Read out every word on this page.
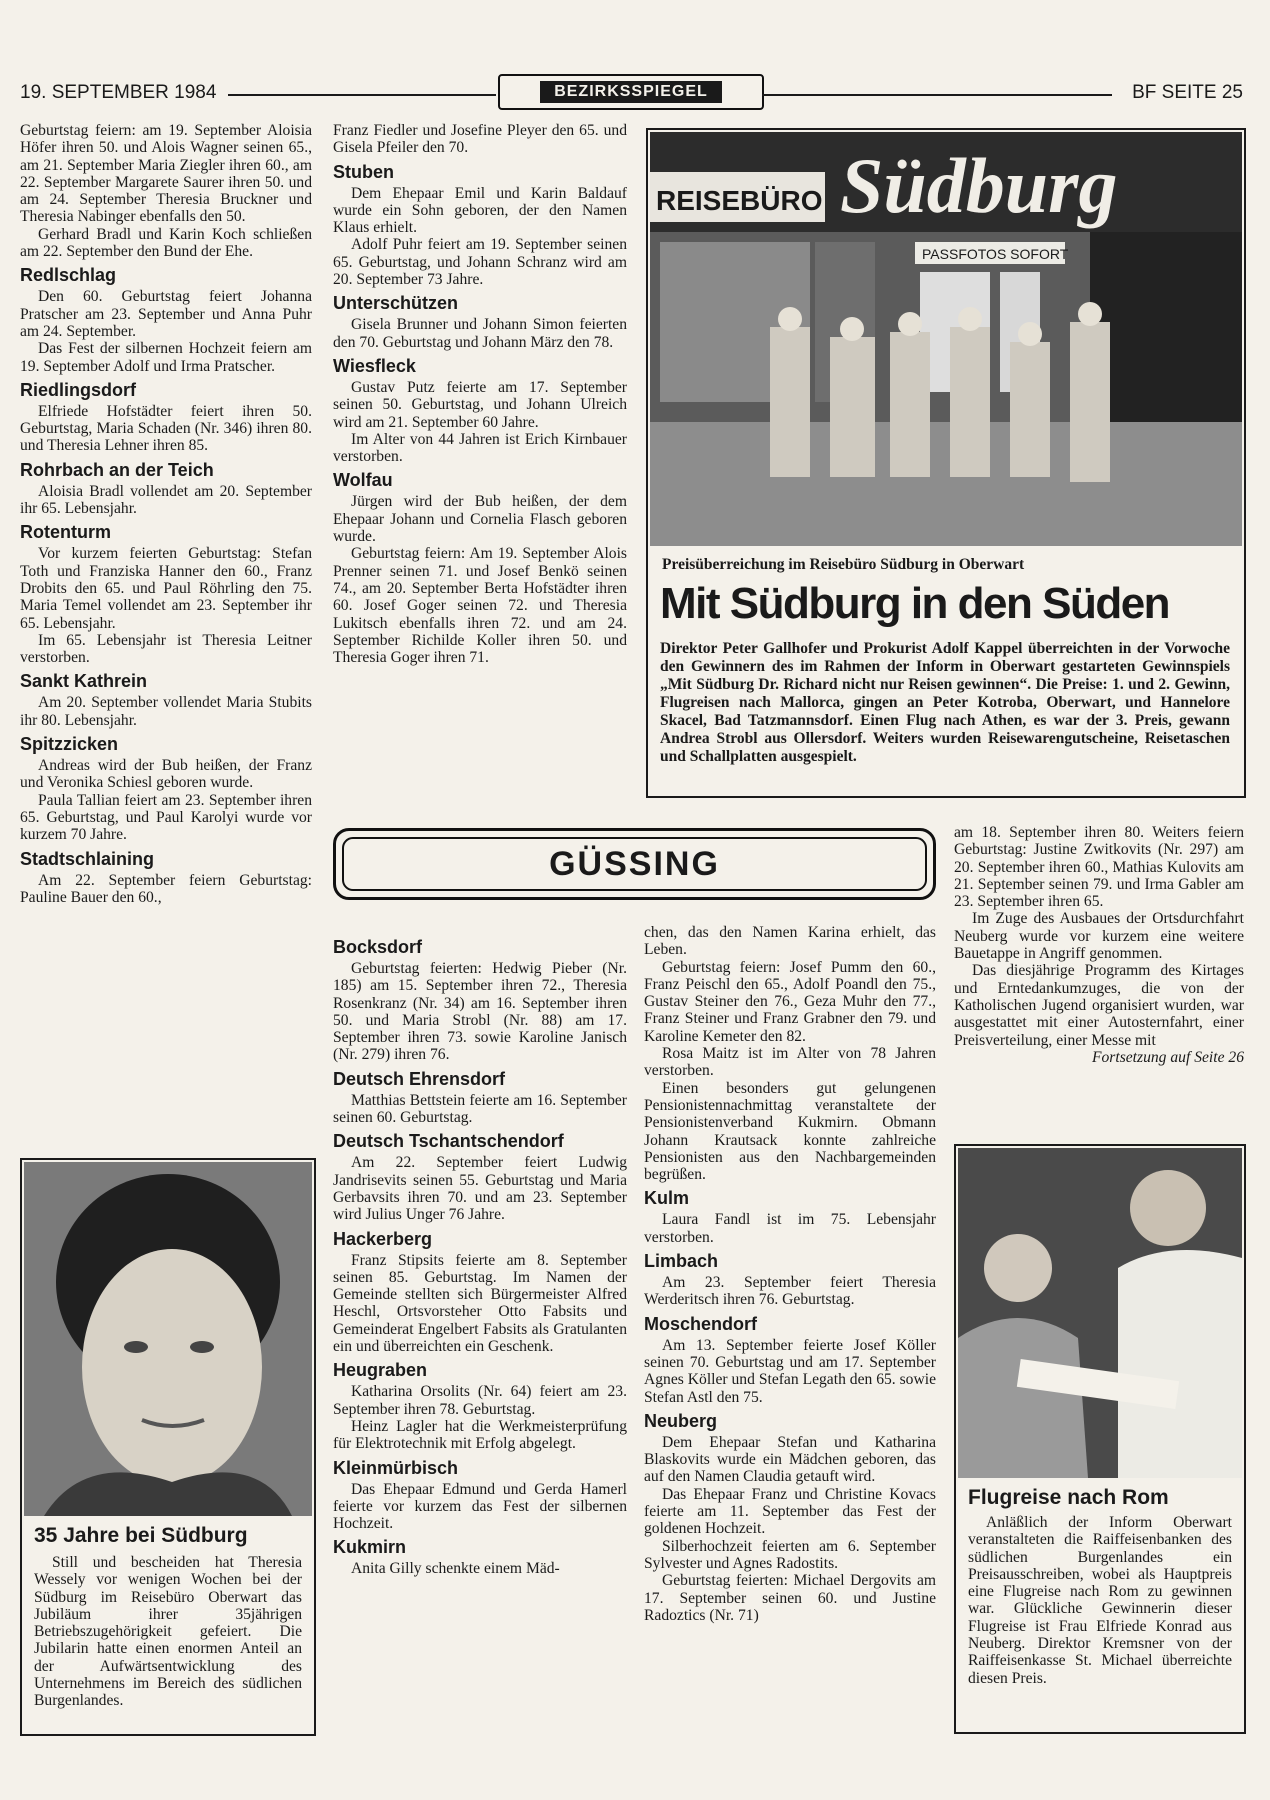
19. SEPTEMBER 1984	BEZIRKSSPIEGEL	BF SEITE 25

Geburtstag feiern: am 19. September Aloisia Höfer ihren 50. und Alois Wagner seinen 65., am 21. September Maria Ziegler ihren 60., am 22. September Margarete Saurer ihren 50. und am 24. September Theresia Bruckner und Theresia Nabinger ebenfalls den 50.

Gerhard Bradl und Karin Koch schließen am 22. September den Bund der Ehe.

Redlschlag

Den 60. Geburtstag feiert Johanna Pratscher am 23. September und Anna Puhr am 24. September.

Das Fest der silbernen Hochzeit feiern am 19. September Adolf und Irma Pratscher.

Riedlingsdorf

Elfriede Hofstädter feiert ihren 50. Geburtstag, Maria Schaden (Nr. 346) ihren 80. und Theresia Lehner ihren 85.

Rohrbach an der Teich

Aloisia Bradl vollendet am 20. September ihr 65. Lebensjahr.

Rotenturm

Vor kurzem feierten Geburtstag: Stefan Toth und Franziska Hanner den 60., Franz Drobits den 65. und Paul Röhrling den 75. Maria Temel vollendet am 23. September ihr 65. Lebensjahr.

Im 65. Lebensjahr ist Theresia Leitner verstorben.

Sankt Kathrein

Am 20. September vollendet Maria Stubits ihr 80. Lebensjahr.

Spitzzicken

Andreas wird der Bub heißen, der Franz und Veronika Schiesl geboren wurde.

Paula Tallian feiert am 23. September ihren 65. Geburtstag, und Paul Karolyi wurde vor kurzem 70 Jahre.

Stadtschlaining

Am 22. September feiern Geburtstag: Pauline Bauer den 60.,

Franz Fiedler und Josefine Pleyer den 65. und Gisela Pfeiler den 70.

Stuben

Dem Ehepaar Emil und Karin Baldauf wurde ein Sohn geboren, der den Namen Klaus erhielt.

Adolf Puhr feiert am 19. September seinen 65. Geburtstag, und Johann Schranz wird am 20. September 73 Jahre.

Unterschützen

Gisela Brunner und Johann Simon feierten den 70. Geburtstag und Johann März den 78.

Wiesfleck

Gustav Putz feierte am 17. September seinen 50. Geburtstag, und Johann Ulreich wird am 21. September 60 Jahre.

Im Alter von 44 Jahren ist Erich Kirnbauer verstorben.

Wolfau

Jürgen wird der Bub heißen, der dem Ehepaar Johann und Cornelia Flasch geboren wurde.

Geburtstag feiern: Am 19. September Alois Prenner seinen 71. und Josef Benkö seinen 74., am 20. September Berta Hofstädter ihren 60. Josef Goger seinen 72. und Theresia Lukitsch ebenfalls ihren 72. und am 24. September Richilde Koller ihren 50. und Theresia Goger ihren 71.

REISEBÜRO Südburg
PASSFOTOS SOFORT
Preisüberreichung im Reisebüro Südburg in Oberwart
Mit Südburg in den Süden
Direktor Peter Gallhofer und Prokurist Adolf Kappel überreichten in der Vorwoche den Gewinnern des im Rahmen der Inform in Oberwart gestarteten Gewinnspiels „Mit Südburg Dr. Richard nicht nur Reisen gewinnen“. Die Preise: 1. und 2. Gewinn, Flugreisen nach Mallorca, gingen an Peter Kotroba, Oberwart, und Hannelore Skacel, Bad Tatzmannsdorf. Einen Flug nach Athen, es war der 3. Preis, gewann Andrea Strobl aus Ollersdorf. Weiters wurden Reisewarengutscheine, Reisetaschen und Schallplatten ausgespielt.
GÜSSING
Bocksdorf

Geburtstag feierten: Hedwig Pieber (Nr. 185) am 15. September ihren 72., Theresia Rosenkranz (Nr. 34) am 16. September ihren 50. und Maria Strobl (Nr. 88) am 17. September ihren 73. sowie Karoline Janisch (Nr. 279) ihren 76.

Deutsch Ehrensdorf

Matthias Bettstein feierte am 16. September seinen 60. Geburtstag.

Deutsch Tschantschendorf

Am 22. September feiert Ludwig Jandrisevits seinen 55. Geburtstag und Maria Gerbavsits ihren 70. und am 23. September wird Julius Unger 76 Jahre.

Hackerberg

Franz Stipsits feierte am 8. September seinen 85. Geburtstag. Im Namen der Gemeinde stellten sich Bürgermeister Alfred Heschl, Ortsvorsteher Otto Fabsits und Gemeinderat Engelbert Fabsits als Gratulanten ein und überreichten ein Geschenk.

Heugraben

Katharina Orsolits (Nr. 64) feiert am 23. September ihren 78. Geburtstag.

Heinz Lagler hat die Werkmeisterprüfung für Elektrotechnik mit Erfolg abgelegt.

Kleinmürbisch

Das Ehepaar Edmund und Gerda Hamerl feierte vor kurzem das Fest der silbernen Hochzeit.

Kukmirn

Anita Gilly schenkte einem Mäd-

chen, das den Namen Karina erhielt, das Leben.

Geburtstag feiern: Josef Pumm den 60., Franz Peischl den 65., Adolf Poandl den 75., Gustav Steiner den 76., Geza Muhr den 77., Franz Steiner und Franz Grabner den 79. und Karoline Kemeter den 82.

Rosa Maitz ist im Alter von 78 Jahren verstorben.

Einen besonders gut gelungenen Pensionistennachmittag veranstaltete der Pensionistenverband Kukmirn. Obmann Johann Krautsack konnte zahlreiche Pensionisten aus den Nachbargemeinden begrüßen.

Kulm

Laura Fandl ist im 75. Lebensjahr verstorben.

Limbach

Am 23. September feiert Theresia Werderitsch ihren 76. Geburtstag.

Moschendorf

Am 13. September feierte Josef Köller seinen 70. Geburtstag und am 17. September Agnes Köller und Stefan Legath den 65. sowie Stefan Astl den 75.

Neuberg

Dem Ehepaar Stefan und Katharina Blaskovits wurde ein Mädchen geboren, das auf den Namen Claudia getauft wird.

Das Ehepaar Franz und Christine Kovacs feierte am 11. September das Fest der goldenen Hochzeit.

Silberhochzeit feierten am 6. September Sylvester und Agnes Radostits.

Geburtstag feierten: Michael Dergovits am 17. September seinen 60. und Justine Radoztics (Nr. 71)

am 18. September ihren 80. Weiters feiern Geburtstag: Justine Zwitkovits (Nr. 297) am 20. September ihren 60., Mathias Kulovits am 21. September seinen 79. und Irma Gabler am 23. September ihren 65.

Im Zuge des Ausbaues der Ortsdurchfahrt Neuberg wurde vor kurzem eine weitere Bauetappe in Angriff genommen.

Das diesjährige Programm des Kirtages und Erntedankumzuges, die von der Katholischen Jugend organisiert wurden, war ausgestattet mit einer Autosternfahrt, einer Preisverteilung, einer Messe mit

Fortsetzung auf Seite 26

35 Jahre bei Südburg

Still und bescheiden hat Theresia Wessely vor wenigen Wochen bei der Südburg im Reisebüro Oberwart das Jubiläum ihrer 35jährigen Betriebszugehörigkeit gefeiert. Die Jubilarin hatte einen enormen Anteil an der Aufwärtsentwicklung des Unternehmens im Bereich des südlichen Burgenlandes.

Flugreise nach Rom

Anläßlich der Inform Oberwart veranstalteten die Raiffeisenbanken des südlichen Burgenlandes ein Preisausschreiben, wobei als Hauptpreis eine Flugreise nach Rom zu gewinnen war. Glückliche Gewinnerin dieser Flugreise ist Frau Elfriede Konrad aus Neuberg. Direktor Kremsner von der Raiffeisenkasse St. Michael überreichte diesen Preis.
